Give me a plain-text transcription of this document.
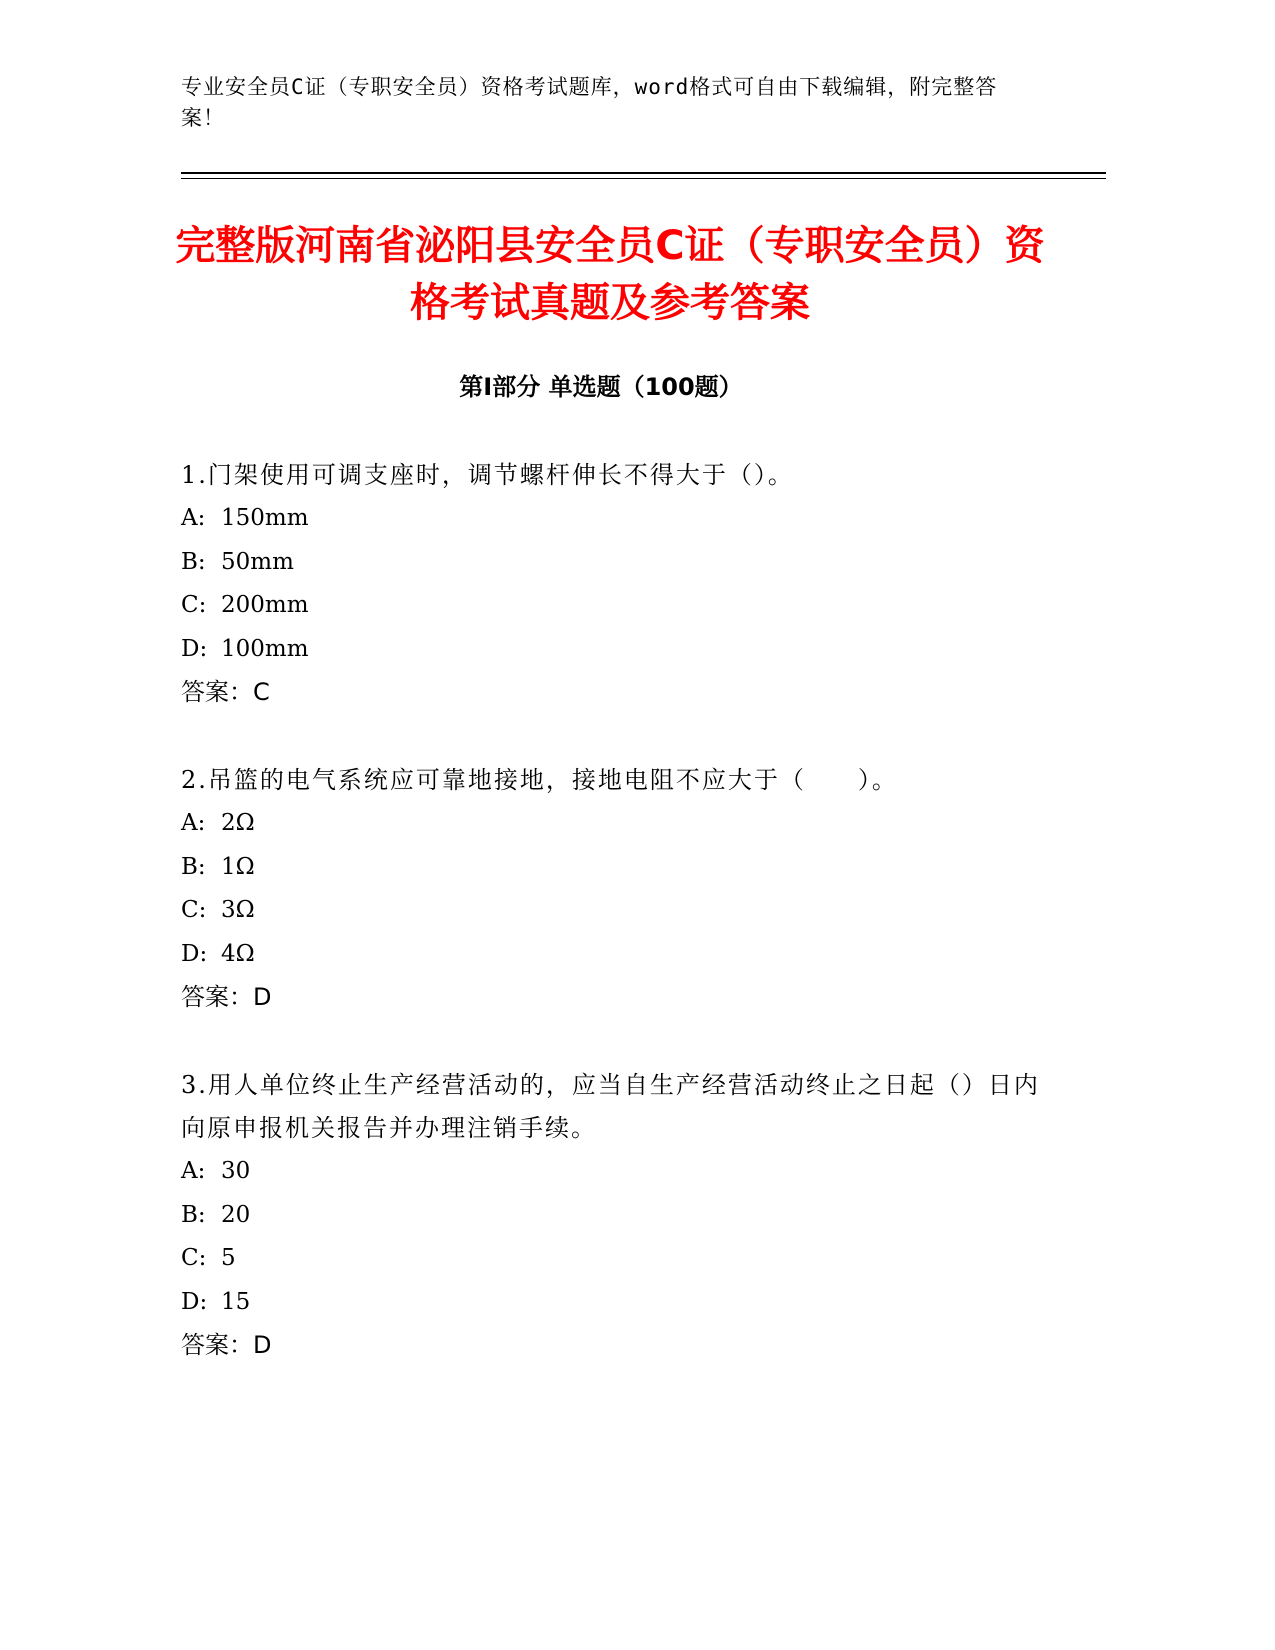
专业安全员C证（专职安全员）资格考试题库，word格式可自由下载编辑，附完整答案！
完整版河南省泌阳县安全员C证（专职安全员）资格考试真题及参考答案
第I部分 单选题（100题）
1.门架使用可调支座时，调节螺杆伸长不得大于（）。
A: 150mm
B: 50mm
C: 200mm
D: 100mm
答案：C
2.吊篮的电气系统应可靠地接地，接地电阻不应大于（　　）。
A: 2Ω
B: 1Ω
C: 3Ω
D: 4Ω
答案：D
3.用人单位终止生产经营活动的，应当自生产经营活动终止之日起（）日内向原申报机关报告并办理注销手续。
A: 30
B: 20
C: 5
D: 15
答案：D
